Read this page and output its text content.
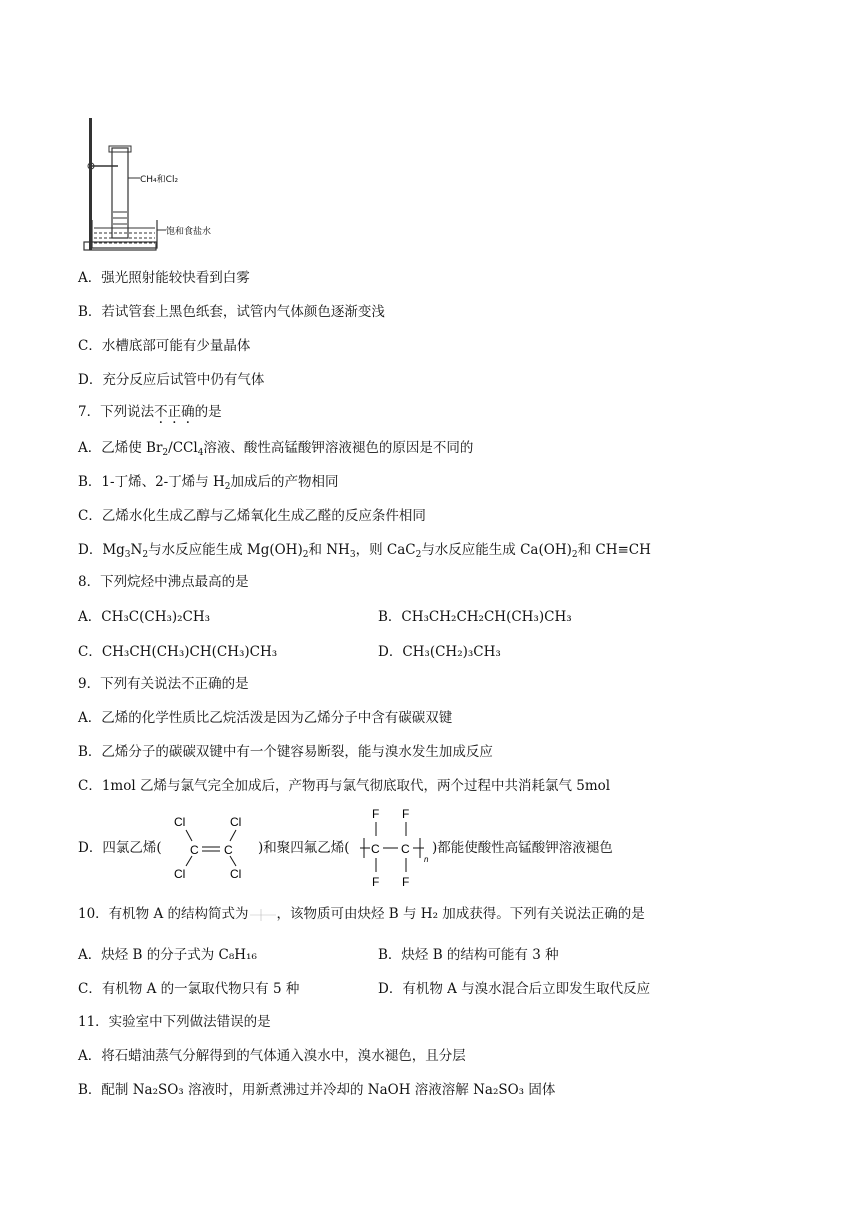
CH₄和Cl₂
饱和食盐水
A．强光照射能较快看到白雾
B．若试管套上黑色纸套，试管内气体颜色逐渐变浅
C．水槽底部可能有少量晶体
D．充分反应后试管中仍有气体
7．下列说法不正确的是
A．乙烯使 $Br_2/CCl_4$溶液、酸性高锰酸钾溶液褪色的原因是不同的
B．1-丁烯、2-丁烯与 $H_2$加成后的产物相同
C．乙烯水化生成乙醇与乙烯氧化生成乙醛的反应条件相同
D．$Mg_3N_2$与水反应能生成 $Mg(OH)_2$和 $NH_3$，则 CaC$_2$与水反应能生成 $Ca(OH)_2$和 CH≡CH
8．下列烷烃中沸点最高的是
A．CH₃C(CH₃)₂CH₃	B．CH₃CH₂CH₂CH(CH₃)CH₃
C．CH₃CH(CH₃)CH(CH₃)CH₃	D．CH₃(CH₂)₃CH₃
9．下列有关说法不正确的是
A．乙烯的化学性质比乙烷活泼是因为乙烯分子中含有碳碳双键
B．乙烯分子的碳碳双键中有一个键容易断裂，能与溴水发生加成反应
C．1mol 乙烯与氯气完全加成后，产物再与氯气彻底取代，两个过程中共消耗氯气 5mol
D．四氯乙烯(
Cl	Cl
C C
Cl	Cl
)和聚四氟乙烯(
F F
C C
n
F F
)都能使酸性高锰酸钾溶液褪色
10．有机物 A 的结构简式为 ，该物质可由炔烃 B 与 H₂ 加成获得。下列有关说法正确的是
A．炔烃 B 的分子式为 C₈H₁₆	B．炔烃 B 的结构可能有 3 种
C．有机物 A 的一氯取代物只有 5 种	D．有机物 A 与溴水混合后立即发生取代反应
11．实验室中下列做法错误的是
A．将石蜡油蒸气分解得到的气体通入溴水中，溴水褪色，且分层
B．配制 Na₂SO₃ 溶液时，用新煮沸过并冷却的 NaOH 溶液溶解 Na₂SO₃ 固体
